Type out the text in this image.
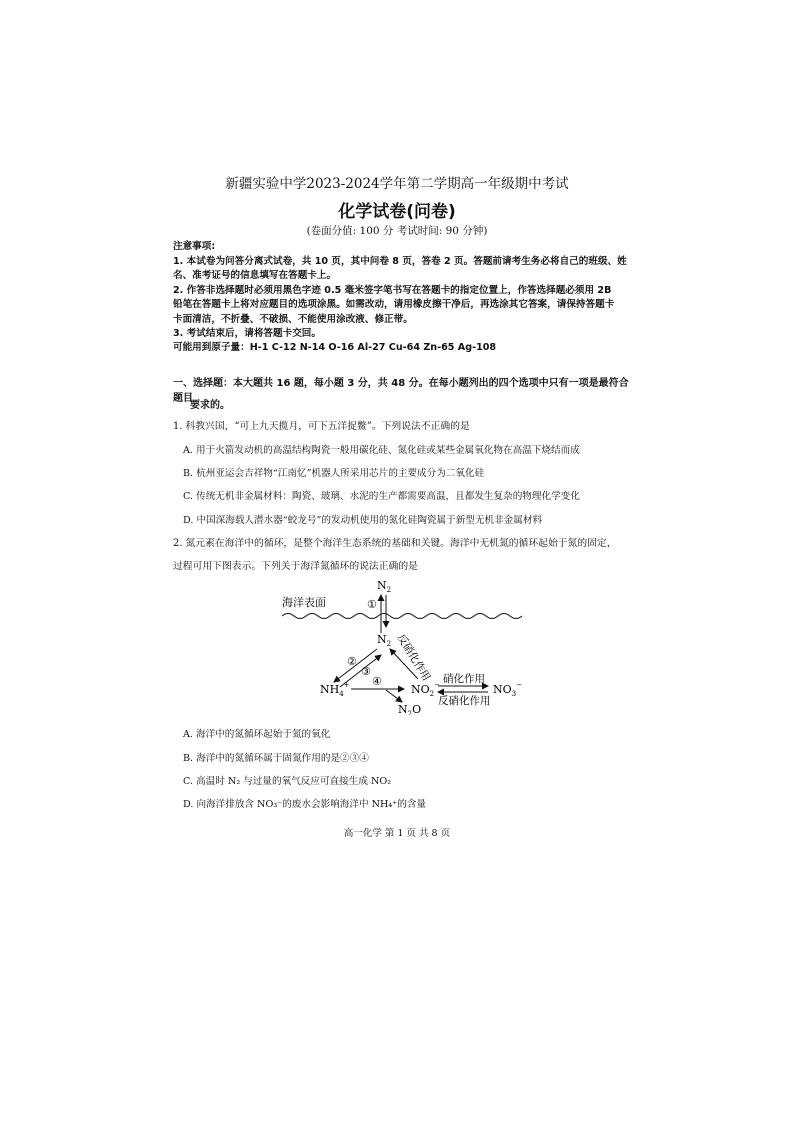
新疆实验中学2023-2024学年第二学期高一年级期中考试
化学试卷(问卷)
(卷面分值: 100 分 考试时间: 90 分钟)
注意事项:
1. 本试卷为问答分离式试卷，共 10 页，其中问卷 8 页，答卷 2 页。答题前请考生务必将自己的班级、姓
名、准考证号的信息填写在答题卡上。
2. 作答非选择题时必须用黑色字迹 0.5 毫米签字笔书写在答题卡的指定位置上，作答选择题必须用 2B
铅笔在答题卡上将对应题目的选项涂黑。如需改动，请用橡皮擦干净后，再选涂其它答案，请保持答题卡
卡面清洁，不折叠、不破损、不能使用涂改液、修正带。
3. 考试结束后，请将答题卡交回。
可能用到原子量：H-1 C-12 N-14 O-16 Al-27 Cu-64 Zn-65 Ag-108
一、选择题：本大题共 16 题，每小题 3 分，共 48 分。在每小题列出的四个选项中只有一项是最符合题目
要求的。
1. 科教兴国，“可上九天揽月，可下五洋捉鳖”。下列说法不正确的是
A. 用于火箭发动机的高温结构陶瓷一般用碳化硅、氮化硅或某些金属氧化物在高温下烧结而成
B. 杭州亚运会吉祥物“江南忆”机器人所采用芯片的主要成分为二氧化硅
C. 传统无机非金属材料：陶瓷、玻璃、水泥的生产都需要高温，且都发生复杂的物理化学变化
D. 中国深海载人潜水器“蛟龙号”的发动机使用的氮化硅陶瓷属于新型无机非金属材料
2. 氮元素在海洋中的循环，是整个海洋生态系统的基础和关键。海洋中无机氮的循环起始于氮的固定，
过程可用下图表示。下列关于海洋氮循环的说法正确的是
$N_2$
海洋表面	①
$N_2$ 反硝化作用
②
③
$NH_4^+$ ④
$NO_2^-$
$N_2O$
硝化作用
反硝化作用
$NO_3^-$
A. 海洋中的氮循环起始于氮的氧化
B. 海洋中的氮循环属于固氮作用的是②③④
C. 高温时 N₂ 与过量的氧气反应可直接生成 NO₂
D. 向海洋排放含 NO₃⁻的废水会影响海洋中 NH₄⁺的含量
高一化学 第 1 页 共 8 页
